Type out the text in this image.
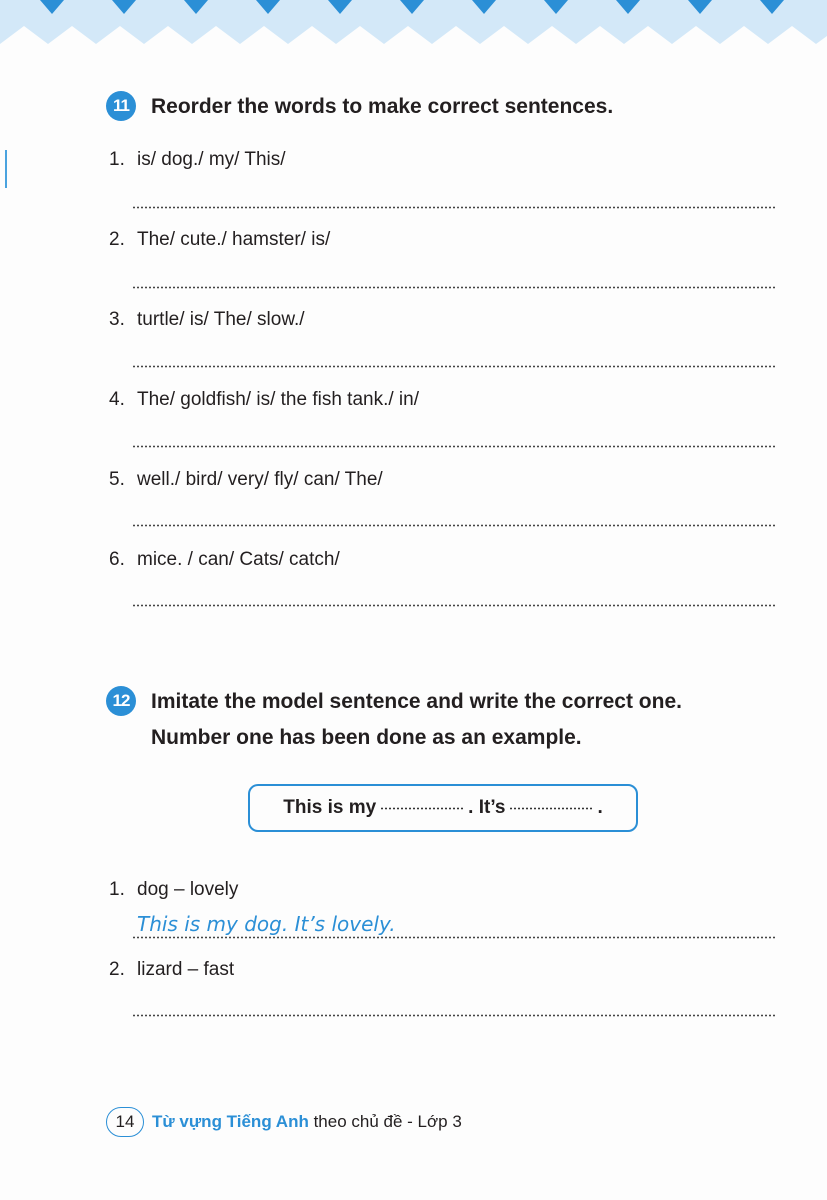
11	Reorder the words to make correct sentences.
1. is/ dog./ my/ This/
2. The/ cute./ hamster/ is/
3. turtle/ is/ The/ slow./
4. The/ goldfish/ is/ the fish tank./ in/
5. well./ bird/ very/ fly/ can/ The/
6. mice. / can/ Cats/ catch/
12	Imitate the model sentence and write the correct one.
Number one has been done as an example.
This is my	. It’s	.
1. dog – lovely
This is my dog. It’s lovely.
2. lizard – fast
14	Từ vựng Tiếng Anh theo chủ đề - Lớp 3
